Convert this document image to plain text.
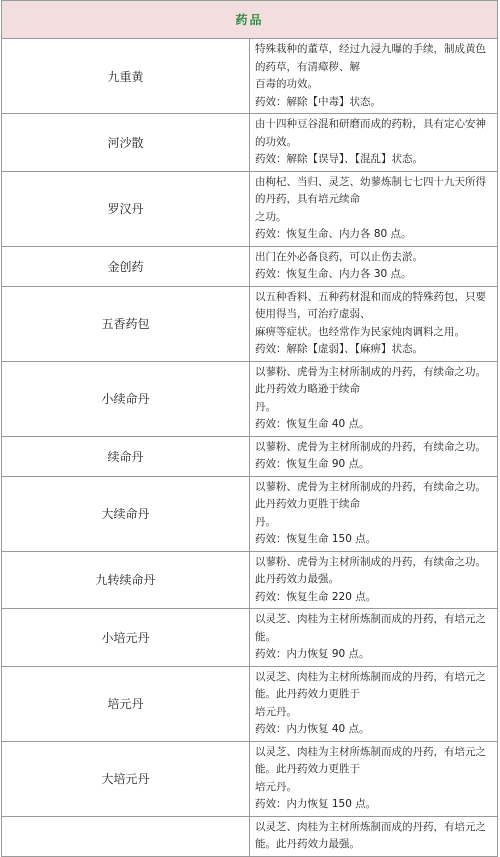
药品	
九重黄	特殊栽种的董草，经过九浸九曝的手续，制成黄色的药草，有清瘴秽、解
百毒的功效。
药效：解除【中毒】状态。

河沙散	由十四种豆谷混和研磨而成的药粉，具有定心安神的功效。
药效：解除【误导】、【混乱】状态。

罗汉丹	由枸杞、当归、灵芝、幼蓼炼制七七四十九天所得的丹药，具有培元续命
之功。
药效：恢复生命、内力各 80 点。

金创药	出门在外必备良药，可以止伤去淤。
药效：恢复生命、内力各 30 点。

五香药包	以五种香料、五种药材混和而成的特殊药包，只要使用得当，可治疗虚弱、
麻痹等症状。也经常作为民家炖肉调料之用。
药效：解除【虚弱】、【麻痹】状态。

小续命丹	以蓼粉、虎骨为主材所制成的丹药，有续命之功。此丹药效力略逊于续命
丹。
药效：恢复生命 40 点。

续命丹	以蓼粉、虎骨为主材所制成的丹药，有续命之功。
药效：恢复生命 90 点。

大续命丹	以蓼粉、虎骨为主材所制成的丹药，有续命之功。此丹药效力更胜于续命
丹。
药效：恢复生命 150 点。

九转续命丹	以蓼粉、虎骨为主材所制成的丹药，有续命之功。此丹药效力最强。
药效：恢复生命 220 点。

小培元丹	以灵芝、肉桂为主材所炼制而成的丹药，有培元之能。
药效：内力恢复 90 点。

培元丹	以灵芝、肉桂为主材所炼制而成的丹药，有培元之能。此丹药效力更胜于
培元丹。
药效：内力恢复 40 点。

大培元丹	以灵芝、肉桂为主材所炼制而成的丹药，有培元之能。此丹药效力更胜于
培元丹。
药效：内力恢复 150 点。

	以灵芝、肉桂为主材所炼制而成的丹药，有培元之能。此丹药效力最强。
